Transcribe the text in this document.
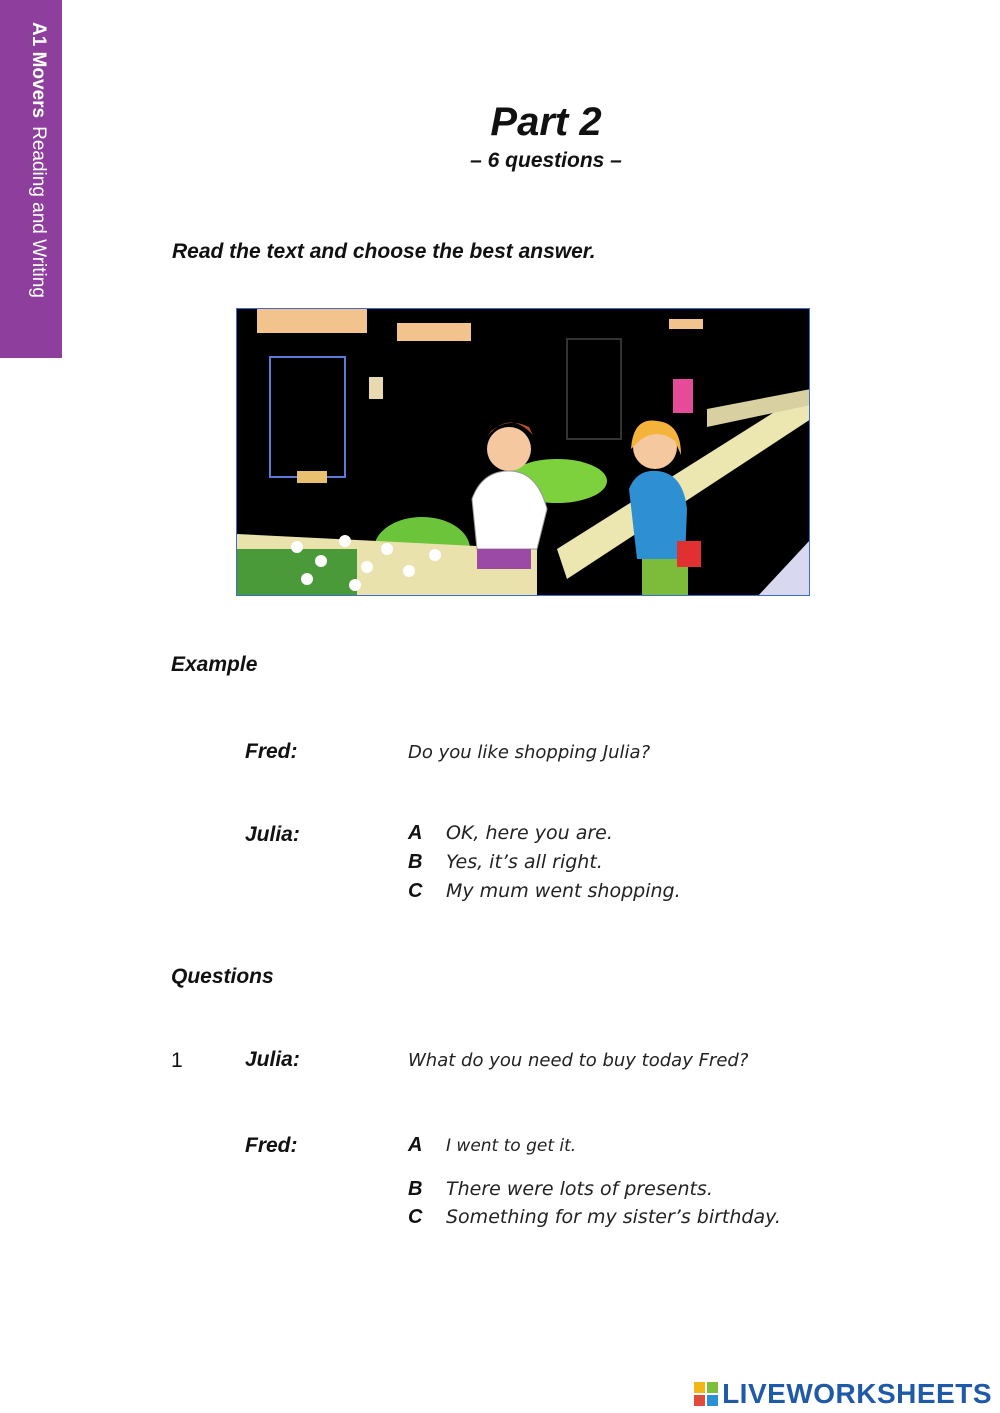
A1 MoversReading and Writing
Part 2
– 6 questions –
Read the text and choose the best answer.
Example
Fred:	Do you like shopping Julia?
Julia:	A OK, here you are.
B Yes, it’s all right.
C My mum went shopping.
Questions
1	Julia:	What do you need to buy today Fred?
Fred:	A I went to get it.
B There were lots of presents.
C Something for my sister’s birthday.
LIVEWORKSHEETS
